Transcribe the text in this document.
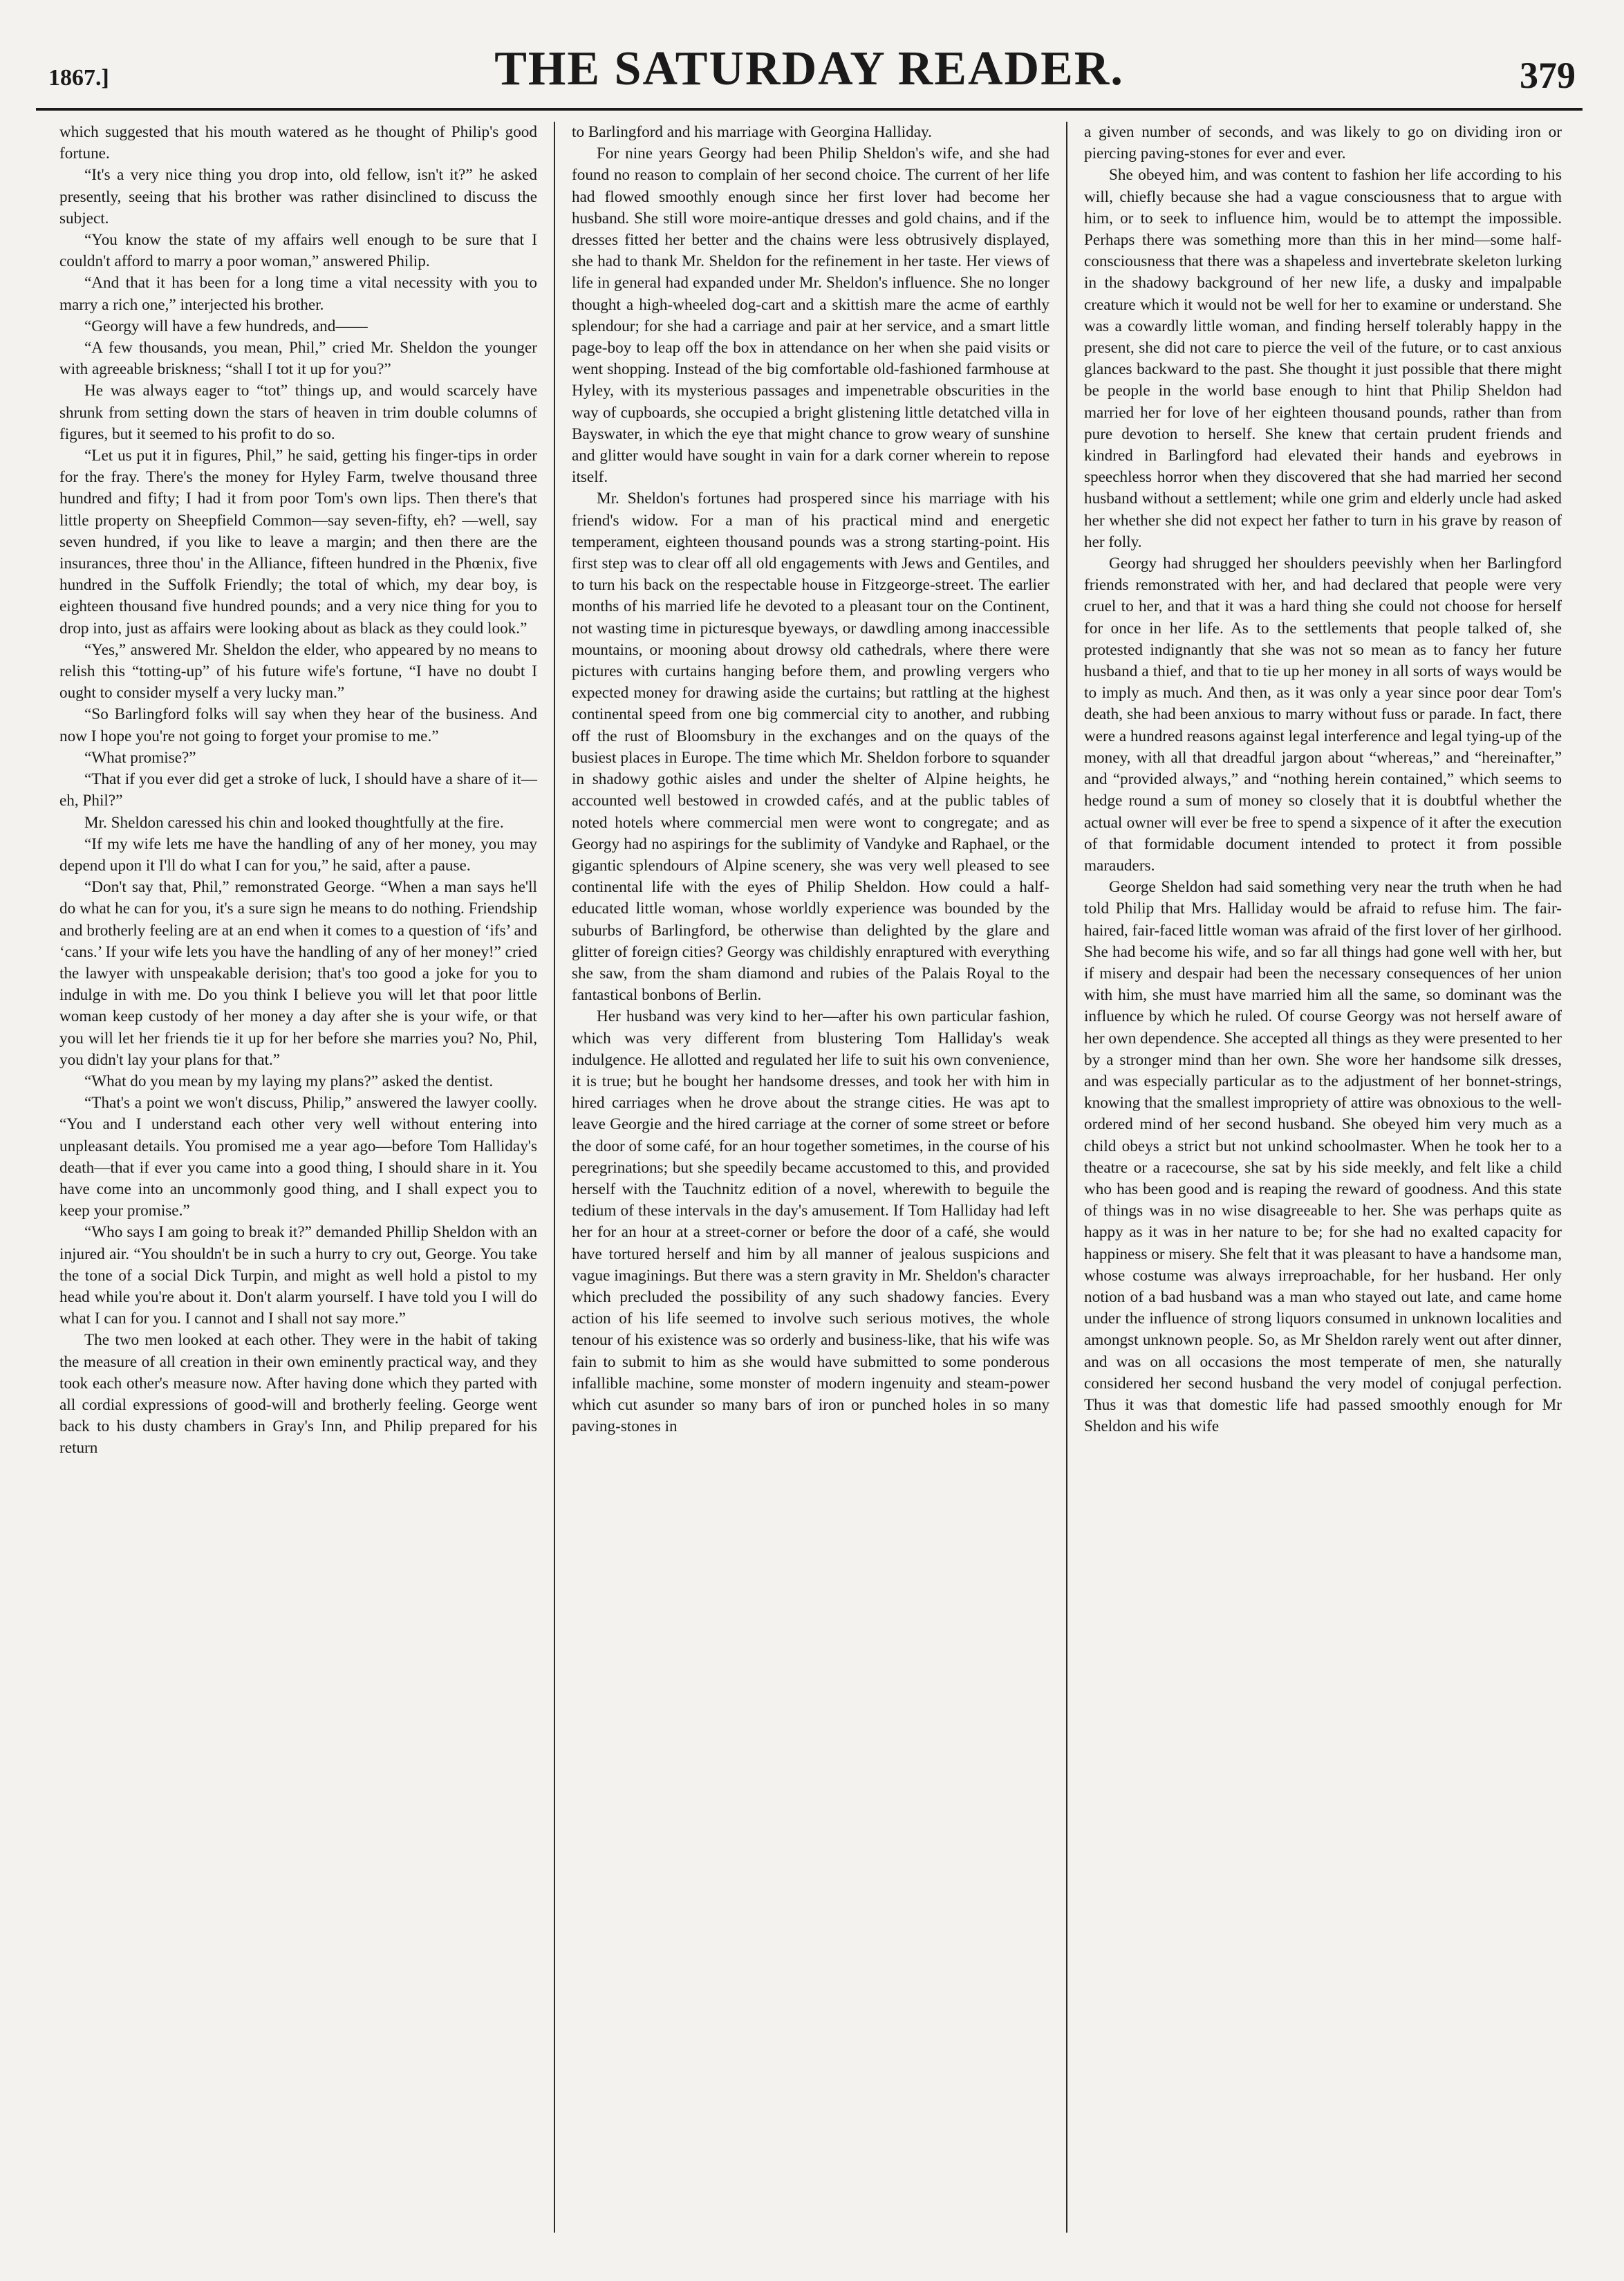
1867.]	THE SATURDAY READER.	379

which suggested that his mouth watered as he thought of Philip's good fortune.

“It's a very nice thing you drop into, old fellow, isn't it?” he asked presently, seeing that his brother was rather disinclined to discuss the subject.

“You know the state of my affairs well enough to be sure that I couldn't afford to marry a poor woman,” answered Philip.

“And that it has been for a long time a vital necessity with you to marry a rich one,” interjected his brother.

“Georgy will have a few hundreds, and——

“A few thousands, you mean, Phil,” cried Mr. Sheldon the younger with agreeable briskness; “shall I tot it up for you?”

He was always eager to “tot” things up, and would scarcely have shrunk from setting down the stars of heaven in trim double columns of figures, but it seemed to his profit to do so.

“Let us put it in figures, Phil,” he said, getting his finger-tips in order for the fray. There's the money for Hyley Farm, twelve thousand three hundred and fifty; I had it from poor Tom's own lips. Then there's that little property on Sheepfield Common—say seven-fifty, eh? —well, say seven hundred, if you like to leave a margin; and then there are the insurances, three thou' in the Alliance, fifteen hundred in the Phœnix, five hundred in the Suffolk Friendly; the total of which, my dear boy, is eighteen thousand five hundred pounds; and a very nice thing for you to drop into, just as affairs were looking about as black as they could look.”

“Yes,” answered Mr. Sheldon the elder, who appeared by no means to relish this “totting-up” of his future wife's fortune, “I have no doubt I ought to consider myself a very lucky man.”

“So Barlingford folks will say when they hear of the business. And now I hope you're not going to forget your promise to me.”

“What promise?”

“That if you ever did get a stroke of luck, I should have a share of it—eh, Phil?”

Mr. Sheldon caressed his chin and looked thoughtfully at the fire.

“If my wife lets me have the handling of any of her money, you may depend upon it I'll do what I can for you,” he said, after a pause.

“Don't say that, Phil,” remonstrated George. “When a man says he'll do what he can for you, it's a sure sign he means to do nothing. Friendship and brotherly feeling are at an end when it comes to a question of ‘ifs’ and ‘cans.’ If your wife lets you have the handling of any of her money!” cried the lawyer with unspeakable derision; that's too good a joke for you to indulge in with me. Do you think I believe you will let that poor little woman keep custody of her money a day after she is your wife, or that you will let her friends tie it up for her before she marries you? No, Phil, you didn't lay your plans for that.”

“What do you mean by my laying my plans?” asked the dentist.

“That's a point we won't discuss, Philip,” answered the lawyer coolly. “You and I understand each other very well without entering into unpleasant details. You promised me a year ago—before Tom Halliday's death—that if ever you came into a good thing, I should share in it. You have come into an uncommonly good thing, and I shall expect you to keep your promise.”

“Who says I am going to break it?” demanded Phillip Sheldon with an injured air. “You shouldn't be in such a hurry to cry out, George. You take the tone of a social Dick Turpin, and might as well hold a pistol to my head while you're about it. Don't alarm yourself. I have told you I will do what I can for you. I cannot and I shall not say more.”

The two men looked at each other. They were in the habit of taking the measure of all creation in their own eminently practical way, and they took each other's measure now. After having done which they parted with all cordial expressions of good-will and brotherly feeling. George went back to his dusty chambers in Gray's Inn, and Philip prepared for his return

to Barlingford and his marriage with Georgina Halliday.

For nine years Georgy had been Philip Sheldon's wife, and she had found no reason to complain of her second choice. The current of her life had flowed smoothly enough since her first lover had become her husband. She still wore moire-antique dresses and gold chains, and if the dresses fitted her better and the chains were less obtrusively displayed, she had to thank Mr. Sheldon for the refinement in her taste. Her views of life in general had expanded under Mr. Sheldon's influence. She no longer thought a high-wheeled dog-cart and a skittish mare the acme of earthly splendour; for she had a carriage and pair at her service, and a smart little page-boy to leap off the box in attendance on her when she paid visits or went shopping. Instead of the big comfortable old-fashioned farmhouse at Hyley, with its mysterious passages and impenetrable obscurities in the way of cupboards, she occupied a bright glistening little detatched villa in Bayswater, in which the eye that might chance to grow weary of sunshine and glitter would have sought in vain for a dark corner wherein to repose itself.

Mr. Sheldon's fortunes had prospered since his marriage with his friend's widow. For a man of his practical mind and energetic temperament, eighteen thousand pounds was a strong starting-point. His first step was to clear off all old engagements with Jews and Gentiles, and to turn his back on the respectable house in Fitzgeorge-street. The earlier months of his married life he devoted to a pleasant tour on the Continent, not wasting time in picturesque byeways, or dawdling among inaccessible mountains, or mooning about drowsy old cathedrals, where there were pictures with curtains hanging before them, and prowling vergers who expected money for drawing aside the curtains; but rattling at the highest continental speed from one big commercial city to another, and rubbing off the rust of Bloomsbury in the exchanges and on the quays of the busiest places in Europe. The time which Mr. Sheldon forbore to squander in shadowy gothic aisles and under the shelter of Alpine heights, he accounted well bestowed in crowded cafés, and at the public tables of noted hotels where commercial men were wont to congregate; and as Georgy had no aspirings for the sublimity of Vandyke and Raphael, or the gigantic splendours of Alpine scenery, she was very well pleased to see continental life with the eyes of Philip Sheldon. How could a half-educated little woman, whose worldly experience was bounded by the suburbs of Barlingford, be otherwise than delighted by the glare and glitter of foreign cities? Georgy was childishly enraptured with everything she saw, from the sham diamond and rubies of the Palais Royal to the fantastical bonbons of Berlin.

Her husband was very kind to her—after his own particular fashion, which was very different from blustering Tom Halliday's weak indulgence. He allotted and regulated her life to suit his own convenience, it is true; but he bought her handsome dresses, and took her with him in hired carriages when he drove about the strange cities. He was apt to leave Georgie and the hired carriage at the corner of some street or before the door of some café, for an hour together sometimes, in the course of his peregrinations; but she speedily became accustomed to this, and provided herself with the Tauchnitz edition of a novel, wherewith to beguile the tedium of these intervals in the day's amusement. If Tom Halliday had left her for an hour at a street-corner or before the door of a café, she would have tortured herself and him by all manner of jealous suspicions and vague imaginings. But there was a stern gravity in Mr. Sheldon's character which precluded the possibility of any such shadowy fancies. Every action of his life seemed to involve such serious motives, the whole tenour of his existence was so orderly and business-like, that his wife was fain to submit to him as she would have submitted to some ponderous infallible machine, some monster of modern ingenuity and steam-power which cut asunder so many bars of iron or punched holes in so many paving-stones in

a given number of seconds, and was likely to go on dividing iron or piercing paving-stones for ever and ever.

She obeyed him, and was content to fashion her life according to his will, chiefly because she had a vague consciousness that to argue with him, or to seek to influence him, would be to attempt the impossible. Perhaps there was something more than this in her mind—some half-consciousness that there was a shapeless and invertebrate skeleton lurking in the shadowy background of her new life, a dusky and impalpable creature which it would not be well for her to examine or understand. She was a cowardly little woman, and finding herself tolerably happy in the present, she did not care to pierce the veil of the future, or to cast anxious glances backward to the past. She thought it just possible that there might be people in the world base enough to hint that Philip Sheldon had married her for love of her eighteen thousand pounds, rather than from pure devotion to herself. She knew that certain prudent friends and kindred in Barlingford had elevated their hands and eyebrows in speechless horror when they discovered that she had married her second husband without a settlement; while one grim and elderly uncle had asked her whether she did not expect her father to turn in his grave by reason of her folly.

Georgy had shrugged her shoulders peevishly when her Barlingford friends remonstrated with her, and had declared that people were very cruel to her, and that it was a hard thing she could not choose for herself for once in her life. As to the settlements that people talked of, she protested indignantly that she was not so mean as to fancy her future husband a thief, and that to tie up her money in all sorts of ways would be to imply as much. And then, as it was only a year since poor dear Tom's death, she had been anxious to marry without fuss or parade. In fact, there were a hundred reasons against legal interference and legal tying-up of the money, with all that dreadful jargon about “whereas,” and “hereinafter,” and “provided always,” and “nothing herein contained,” which seems to hedge round a sum of money so closely that it is doubtful whether the actual owner will ever be free to spend a sixpence of it after the execution of that formidable document intended to protect it from possible marauders.

George Sheldon had said something very near the truth when he had told Philip that Mrs. Halliday would be afraid to refuse him. The fair-haired, fair-faced little woman was afraid of the first lover of her girlhood. She had become his wife, and so far all things had gone well with her, but if misery and despair had been the necessary consequences of her union with him, she must have married him all the same, so dominant was the influence by which he ruled. Of course Georgy was not herself aware of her own dependence. She accepted all things as they were presented to her by a stronger mind than her own. She wore her handsome silk dresses, and was especially particular as to the adjustment of her bonnet-strings, knowing that the smallest impropriety of attire was obnoxious to the well-ordered mind of her second husband. She obeyed him very much as a child obeys a strict but not unkind schoolmaster. When he took her to a theatre or a racecourse, she sat by his side meekly, and felt like a child who has been good and is reaping the reward of goodness. And this state of things was in no wise disagreeable to her. She was perhaps quite as happy as it was in her nature to be; for she had no exalted capacity for happiness or misery. She felt that it was pleasant to have a handsome man, whose costume was always irreproachable, for her husband. Her only notion of a bad husband was a man who stayed out late, and came home under the influence of strong liquors consumed in unknown localities and amongst unknown people. So, as Mr Sheldon rarely went out after dinner, and was on all occasions the most temperate of men, she naturally considered her second husband the very model of conjugal perfection. Thus it was that domestic life had passed smoothly enough for Mr Sheldon and his wife
